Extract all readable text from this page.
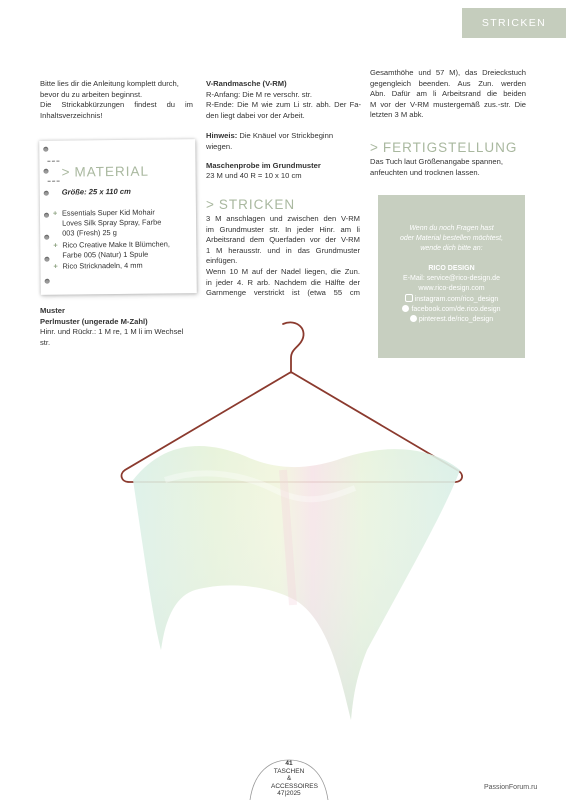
STRICKEN
Bitte lies dir die Anleitung komplett durch,
bevor du zu arbeiten beginnst.
Die Strickabkürzungen findest du im
Inhaltsverzeichnis!
> MATERIAL
Größe: 25 x 110 cm
+ Essentials Super Kid Mohair
Loves Silk Spray Spray, Farbe
003 (Fresh) 25 g
+ Rico Creative Make It Blümchen,
Farbe 005 (Natur) 1 Spule
+ Rico Stricknadeln, 4 mm
Muster
Perlmuster (ungerade M-Zahl)
Hinr. und Rückr.: 1 M re, 1 M li im Wechsel
str.
V-Randmasche (V-RM)
R-Anfang: Die M re verschr. str.
R-Ende: Die M wie zum Li str. abh. Der Fa-
den liegt dabei vor der Arbeit.
Hinweis: Die Knäuel vor Strickbeginn wiegen.
Maschenprobe im Grundmuster
23 M und 40 R = 10 x 10 cm
> STRICKEN
3 M anschlagen und zwischen den V-RM
im Grundmuster str. In jeder Hinr. am li
Arbeitsrand dem Querfaden vor der V-RM
1 M herausstr. und in das Grundmuster
einfügen.
Wenn 10 M auf der Nadel liegen, die Zun.
in jeder 4. R arb. Nachdem die Hälfte der
Garnmenge verstrickt ist (etwa 55 cm
Gesamthöhe und 57 M), das Dreieckstuch
gegengleich beenden. Aus Zun. werden
Abn. Dafür am li Arbeitsrand die beiden
M vor der V-RM mustergemäß zus.-str. Die
letzten 3 M abk.
> FERTIGSTELLUNG
Das Tuch laut Größenangabe spannen,
anfeuchten und trocknen lassen.
Wenn du noch Fragen hast
oder Material bestellen möchtest,
wende dich bitte an:
RICO DESIGN
E-Mail: service@rico-design.de
www.rico-design.com
instagram.com/rico_design
facebook.com/de.rico.design
pinterest.de/rico_design
41
TASCHEN &
ACCESSOIRES
47|2025
PassionForum.ru
